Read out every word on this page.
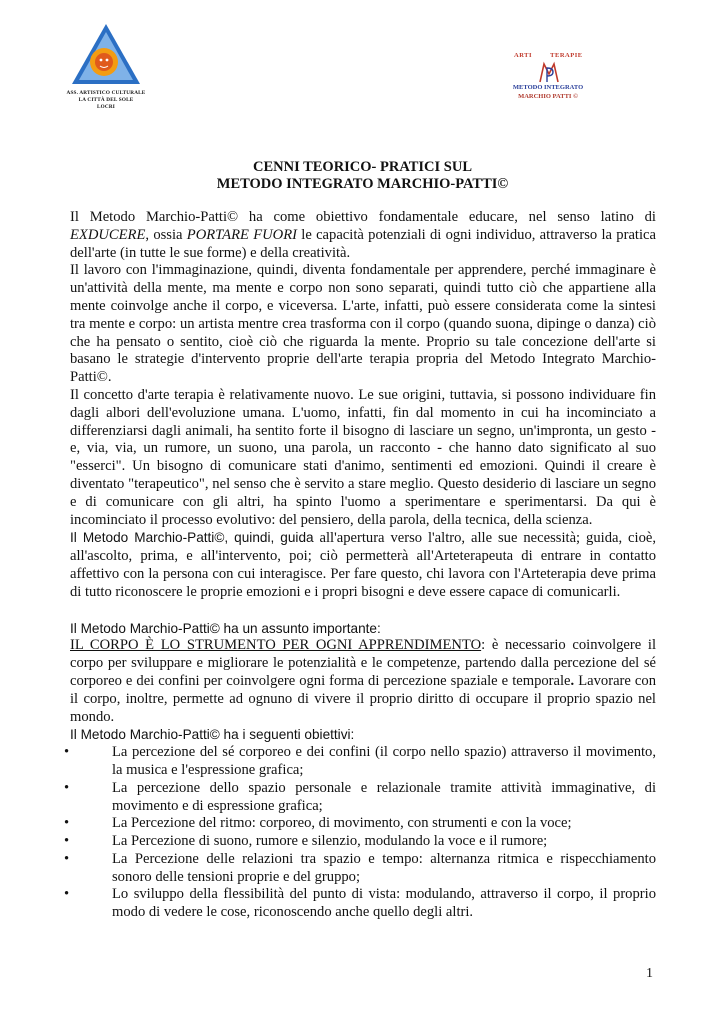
ASS. ARTISTICO CULTURALE
LA CITTÀ DEL SOLE
LOCRI
ARTI	TERAPIE
METODO INTEGRATO
MARCHIO PATTI ©
CENNI TEORICO- PRATICI SUL
METODO INTEGRATO MARCHIO-PATTI©

Il Metodo Marchio-Patti© ha come obiettivo fondamentale educare, nel senso latino di EXDUCERE, ossia PORTARE FUORI le capacità potenziali di ogni individuo, attraverso la pratica dell'arte (in tutte le sue forme) e della creatività.

Il lavoro con l'immaginazione, quindi, diventa fondamentale per apprendere, perché immaginare è un'attività della mente, ma mente e corpo non sono separati, quindi tutto ciò che appartiene alla mente coinvolge anche il corpo, e viceversa. L'arte, infatti, può essere considerata come la sintesi tra mente e corpo: un artista mentre crea trasforma con il corpo (quando suona, dipinge o danza) ciò che ha pensato o sentito, cioè ciò che riguarda la mente. Proprio su tale concezione dell'arte si basano le strategie d'intervento proprie dell'arte terapia propria del Metodo Integrato Marchio-Patti©.

Il concetto d'arte terapia è relativamente nuovo. Le sue origini, tuttavia, si possono individuare fin dagli albori dell'evoluzione umana. L'uomo, infatti, fin dal momento in cui ha incominciato a differenziarsi dagli animali, ha sentito forte il bisogno di lasciare un segno, un'impronta, un gesto - e, via, via, un rumore, un suono, una parola, un racconto - che hanno dato significato al suo "esserci". Un bisogno di comunicare stati d'animo, sentimenti ed emozioni. Quindi il creare è diventato "terapeutico", nel senso che è servito a stare meglio. Questo desiderio di lasciare un segno e di comunicare con gli altri, ha spinto l'uomo a sperimentare e sperimentarsi. Da qui è incominciato il processo evolutivo: del pensiero, della parola, della tecnica, della scienza.

Il Metodo Marchio-Patti©, quindi, guida all'apertura verso l'altro, alle sue necessità; guida, cioè, all'ascolto, prima, e all'intervento, poi; ciò permetterà all'Arteterapeuta di entrare in contatto affettivo con la persona con cui interagisce. Per fare questo, chi lavora con l'Arteterapia deve prima di tutto riconoscere le proprie emozioni e i propri bisogni e deve essere capace di comunicarli.

Il Metodo Marchio-Patti© ha un assunto importante:

IL CORPO È LO STRUMENTO PER OGNI APPRENDIMENTO: è necessario coinvolgere il corpo per sviluppare e migliorare le potenzialità e le competenze, partendo dalla percezione del sé corporeo e dei confini per coinvolgere ogni forma di percezione spaziale e temporale. Lavorare con il corpo, inoltre, permette ad ognuno di vivere il proprio diritto di occupare il proprio spazio nel mondo.

Il Metodo Marchio-Patti© ha i seguenti obiettivi:

•	La percezione del sé corporeo e dei confini (il corpo nello spazio) attraverso il movimento, la musica e l'espressione grafica;

•	La percezione dello spazio personale e relazionale tramite attività immaginative, di movimento e di espressione grafica;

•	La Percezione del ritmo: corporeo, di movimento, con strumenti e con la voce;

•	La Percezione di suono, rumore e silenzio, modulando la voce e il rumore;

•	La Percezione delle relazioni tra spazio e tempo: alternanza ritmica e rispecchiamento sonoro delle tensioni proprie e del gruppo;

•	Lo sviluppo della flessibilità del punto di vista: modulando, attraverso il corpo, il proprio modo di vedere le cose, riconoscendo anche quello degli altri.

1
